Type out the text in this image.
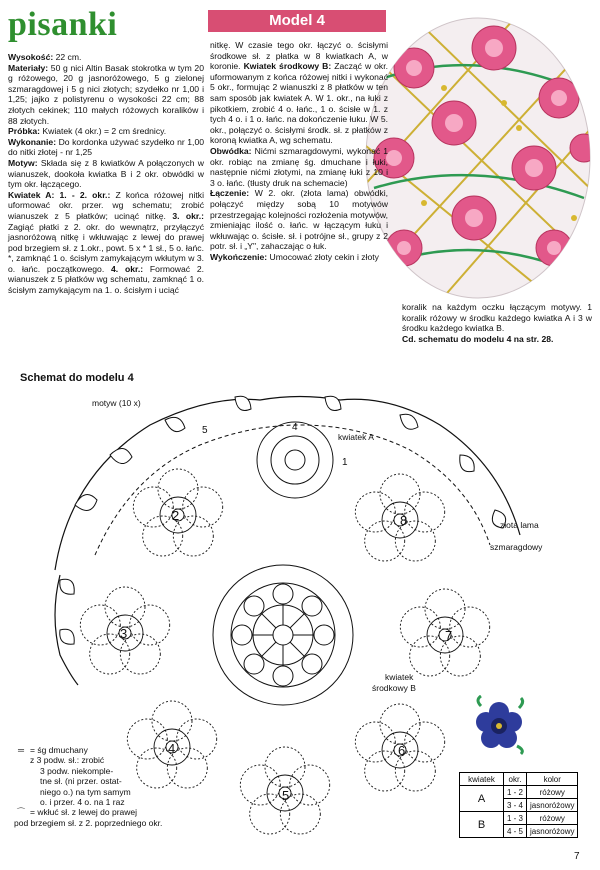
pisanki	Model 4

Wysokość: 22 cm.

Materiały: 50 g nici Altin Basak stokrotka w tym 20 g różowego, 20 g jasnoróżowego, 5 g zielonej szmaragdowej i 5 g nici złotych; szydełko nr 1,00 i 1,25; jajko z polistyrenu o wysokości 22 cm; 88 złotych cekinek; 110 małych różowych koralików i 88 złotych.

Próbka: Kwiatek (4 okr.) = 2 cm średnicy.

Wykonanie: Do kordonka używać szydełko nr 1,00 do nitki złotej - nr 1,25

Motyw: Składa się z 8 kwiatków A połączonych w wianuszek, dookoła kwiatka B i 2 okr. obwódki w tym okr. łączącego.

Kwiatek A: 1. - 2. okr.: Z końca różowej nitki uformować okr. przer. wg schematu; zrobić wianuszek z 5 płatków; ucinąć nitkę. 3. okr.: Zagiąć płatki z 2. okr. do wewnątrz, przyłączyć jasnoróżową nitkę i wkłuwając z lewej do prawej pod brzegiem sł. z 1.okr., powt. 5 x * 1 sł., 5 o. łańc. *, zamknąć 1 o. ścisłym zamykającym wkłutym w 3. o. łańc. początkowego. 4. okr.: Formować 2. wianuszek z 5 płatków wg schematu, zamknąć 1 o. ścisłym zamykającym na 1. o. ścisłym i uciąć

nitkę. W czasie tego okr. łączyć o. ścisłymi środkowe sł. z płatka w 8 kwiatkach A, w koronie. Kwiatek środkowy B: Zacząć w okr. uformowanym z końca różowej nitki i wykonać 5 okr., formując 2 wianuszki z 8 płatków w ten sam sposób jak kwiatek A. W 1. okr., na łuki z pikotkiem, zrobić 4 o. łańc., 1 o. ścisłe w 1. z tych 4 o. i 1 o. łańc. na dokończenie łuku. W 5. okr., połączyć o. ścisłymi środk. sł. z płatków z koroną kwiatka A, wg schematu.

Obwódka: Nićmi szmaragdowymi, wykonać 1 okr. robiąc na zmianę śg. dmuchane i łuki, następnie nićmi złotymi, na zmianę łuki z 10 i 3 o. łańc. (tłusty druk na schemacie)

Łączenie: W 2. okr. (złota lama) obwódki, połączyć między sobą 10 motywów przestrzegając kolejności rozłożenia motywów, zmieniając ilość o. łańc. w łączącym łuku i wkłuwając o. ścisłe. sł. i potrójne sł., grupy z 2 potr. sł. i „Y", zahaczając o łuk.

Wykończenie: Umocować złoty cekin i złoty

koralik na każdym oczku łączącym motywy. 1 koralik różowy w środku każdego kwiatka A i 3 w środku każdego kwiatka B.

Cd. schematu do modelu 4 na str. 28.

Schemat do modelu 4
2
3
4
5
6
7
8
1
5	4
motyw (10 x)
kwiatek A
kwiatek
środkowy B
złota lama
szmaragdowy
═ = śg dmuchany
z 3 podw. sł.: zrobić
3 podw. niekomple-
tne sł. (ni przer. ostat-
niego o.) na tym samym
o. i przer. 4 o. na 1 raz
⌒ = wkłuć sł. z lewej do prawej
pod brzegiem sł. z 2. poprzedniego okr.
kwiatek	okr.	kolor
A	1 - 2	różowy
	3 - 4	jasnoróżowy
B	1 - 3	różowy
	4 - 5	jasnoróżowy
7
